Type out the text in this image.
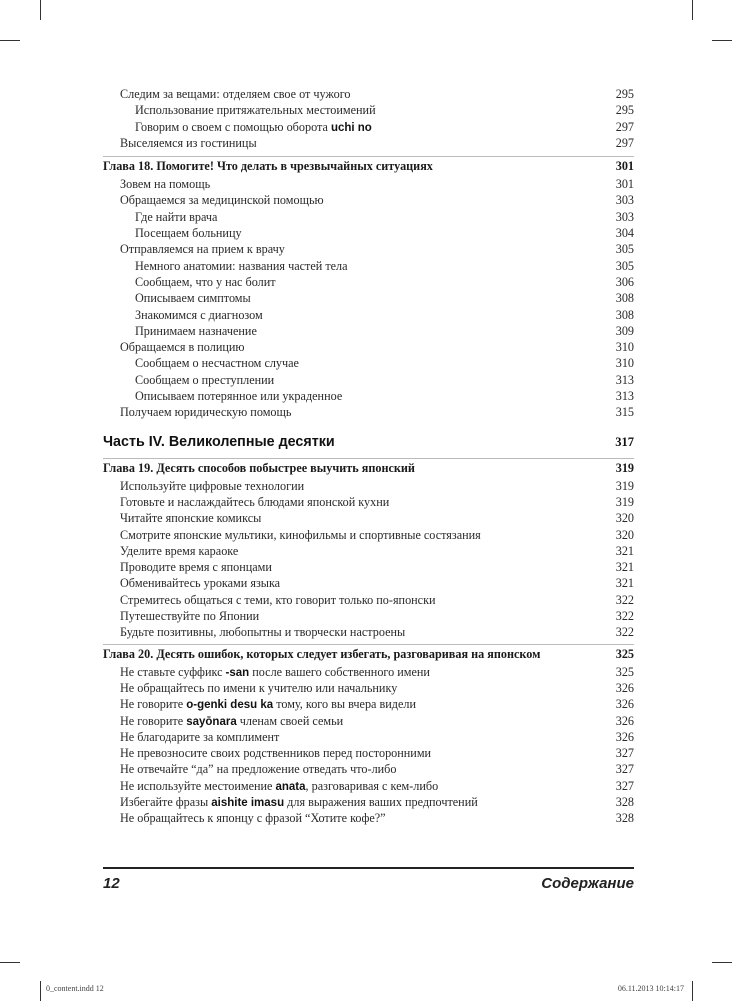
Следим за вещами: отделяем свое от чужого	295
Использование притяжательных местоимений	295
Говорим о своем с помощью оборота uchi no	297
Выселяемся из гостиницы	297
Глава 18. Помогите! Что делать в чрезвычайных ситуациях	301
Зовем на помощь	301
Обращаемся за медицинской помощью	303
Где найти врача	303
Посещаем больницу	304
Отправляемся на прием к врачу	305
Немного анатомии: названия частей тела	305
Сообщаем, что у нас болит	306
Описываем симптомы	308
Знакомимся с диагнозом	308
Принимаем назначение	309
Обращаемся в полицию	310
Сообщаем о несчастном случае	310
Сообщаем о преступлении	313
Описываем потерянное или украденное	313
Получаем юридическую помощь	315
Часть IV. Великолепные десятки	317
Глава 19. Десять способов побыстрее выучить японский	319
Используйте цифровые технологии	319
Готовьте и наслаждайтесь блюдами японской кухни	319
Читайте японские комиксы	320
Смотрите японские мультики, кинофильмы и спортивные состязания	320
Уделите время караоке	321
Проводите время с японцами	321
Обменивайтесь уроками языка	321
Стремитесь общаться с теми, кто говорит только по-японски	322
Путешествуйте по Японии	322
Будьте позитивны, любопытны и творчески настроены	322
Глава 20. Десять ошибок, которых следует избегать, разговаривая на японском	325
Не ставьте суффикс -san после вашего собственного имени	325
Не обращайтесь по имени к учителю или начальнику	326
Не говорите o-genki desu ka тому, кого вы вчера видели	326
Не говорите sayōnara членам своей семьи	326
Не благодарите за комплимент	326
Не превозносите своих родственников перед посторонними	327
Не отвечайте “да” на предложение отведать что-либо	327
Не используйте местоимение anata, разговаривая с кем-либо	327
Избегайте фразы aishite imasu для выражения ваших предпочтений	328
Не обращайтесь к японцу с фразой “Хотите кофе?”	328
12	Содержание
0_content.indd 12	06.11.2013 10:14:17
